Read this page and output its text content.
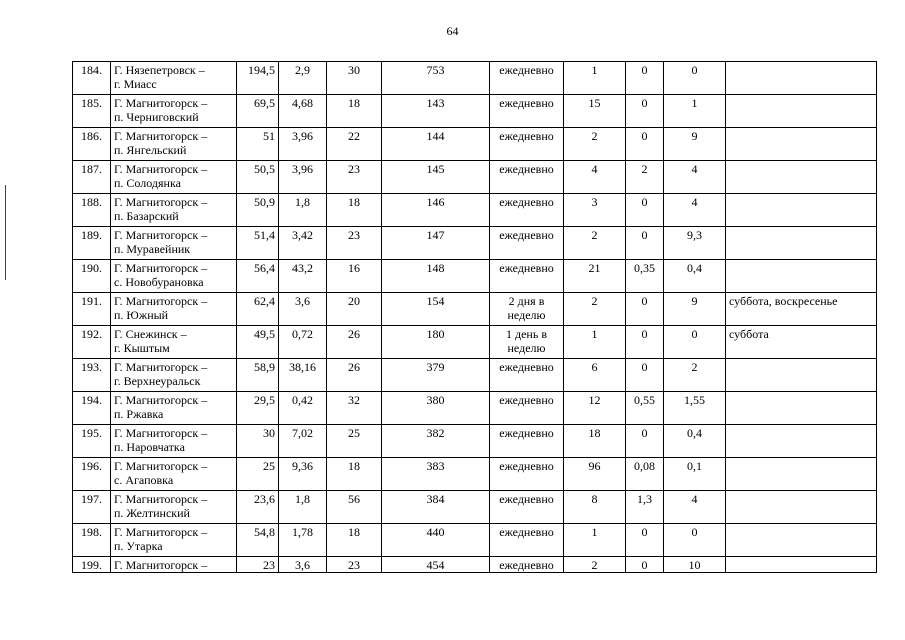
64
184.	Г. Нязепетровск –
г. Миасс	194,5	2,9	30	753	ежедневно	1	0	0	
185.	Г. Магнитогорск –
п. Черниговский	69,5	4,68	18	143	ежедневно	15	0	1	
186.	Г. Магнитогорск –
п. Янгельский	51	3,96	22	144	ежедневно	2	0	9	
187.	Г. Магнитогорск –
п. Солодянка	50,5	3,96	23	145	ежедневно	4	2	4	
188.	Г. Магнитогорск –
п. Базарский	50,9	1,8	18	146	ежедневно	3	0	4	
189.	Г. Магнитогорск –
п. Муравейник	51,4	3,42	23	147	ежедневно	2	0	9,3	
190.	Г. Магнитогорск –
с. Новобурановка	56,4	43,2	16	148	ежедневно	21	0,35	0,4	
191.	Г. Магнитогорск –
п. Южный	62,4	3,6	20	154	2 дня в
неделю	2	0	9	суббота, воскресенье
192.	Г. Снежинск –
г. Кыштым	49,5	0,72	26	180	1 день в
неделю	1	0	0	суббота
193.	Г. Магнитогорск –
г. Верхнеуральск	58,9	38,16	26	379	ежедневно	6	0	2	
194.	Г. Магнитогорск –
п. Ржавка	29,5	0,42	32	380	ежедневно	12	0,55	1,55	
195.	Г. Магнитогорск –
п. Наровчатка	30	7,02	25	382	ежедневно	18	0	0,4	
196.	Г. Магнитогорск –
с. Агаповка	25	9,36	18	383	ежедневно	96	0,08	0,1	
197.	Г. Магнитогорск –
п. Желтинский	23,6	1,8	56	384	ежедневно	8	1,3	4	
198.	Г. Магнитогорск –
п. Утарка	54,8	1,78	18	440	ежедневно	1	0	0	
199.	Г. Магнитогорск –	23	3,6	23	454	ежедневно	2	0	10	
